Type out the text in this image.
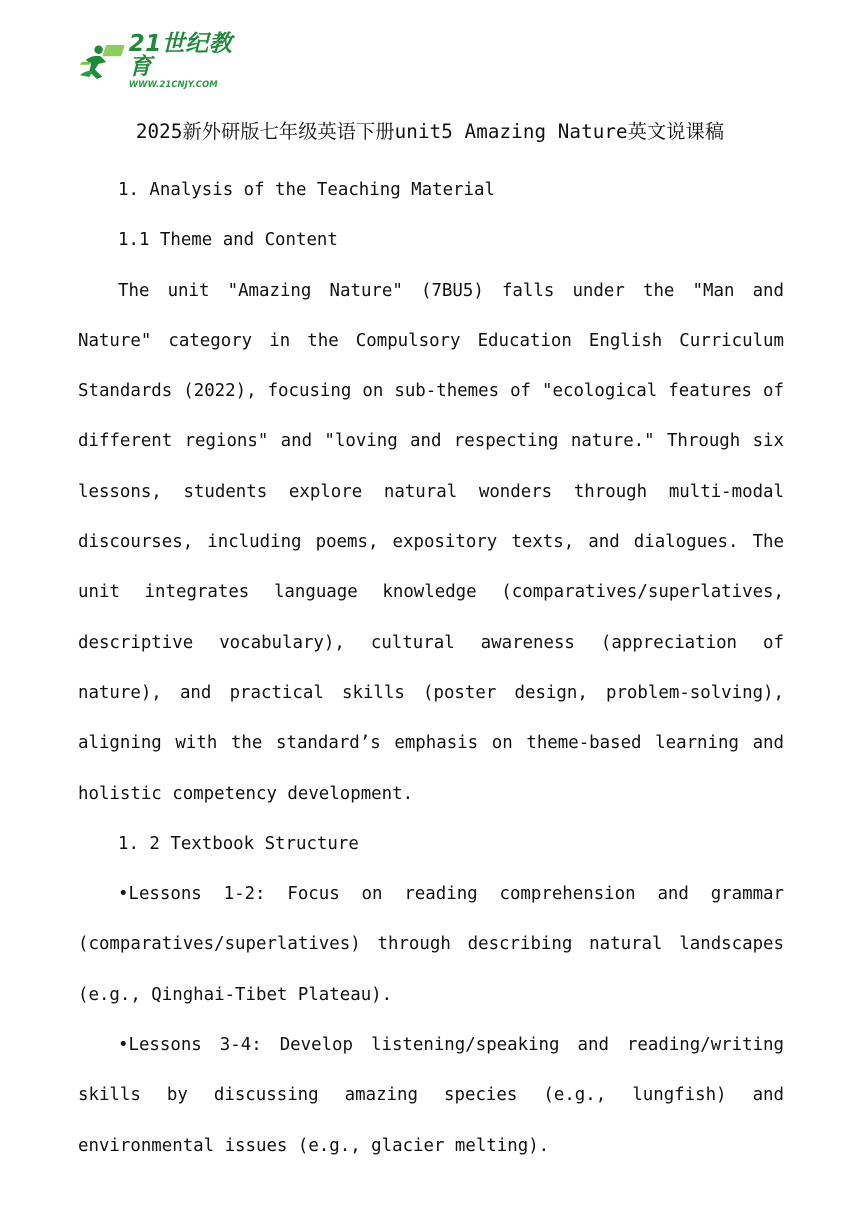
21世纪教育
WWW.21CNJY.COM
2025新外研版七年级英语下册unit5 Amazing Nature英文说课稿

1. Analysis of the Teaching Material

1.1 Theme and Content

The unit "Amazing Nature" (7BU5) falls under the "Man and Nature" category in the Compulsory Education English Curriculum Standards (2022), focusing on sub-themes of "ecological features of different regions" and "loving and respecting nature." Through six lessons, students explore natural wonders through multi-modal discourses, including poems, expository texts, and dialogues. The unit integrates language knowledge (comparatives/superlatives, descriptive vocabulary), cultural awareness (appreciation of nature), and practical skills (poster design, problem-solving), aligning with the standard’s emphasis on theme-based learning and holistic competency development.

1. 2 Textbook Structure

•Lessons 1-2: Focus on reading comprehension and grammar (comparatives/superlatives) through describing natural landscapes (e.g., Qinghai-Tibet Plateau).

•Lessons 3-4: Develop listening/speaking and reading/writing skills by discussing amazing species (e.g., lungfish) and environmental issues (e.g., glacier melting).
